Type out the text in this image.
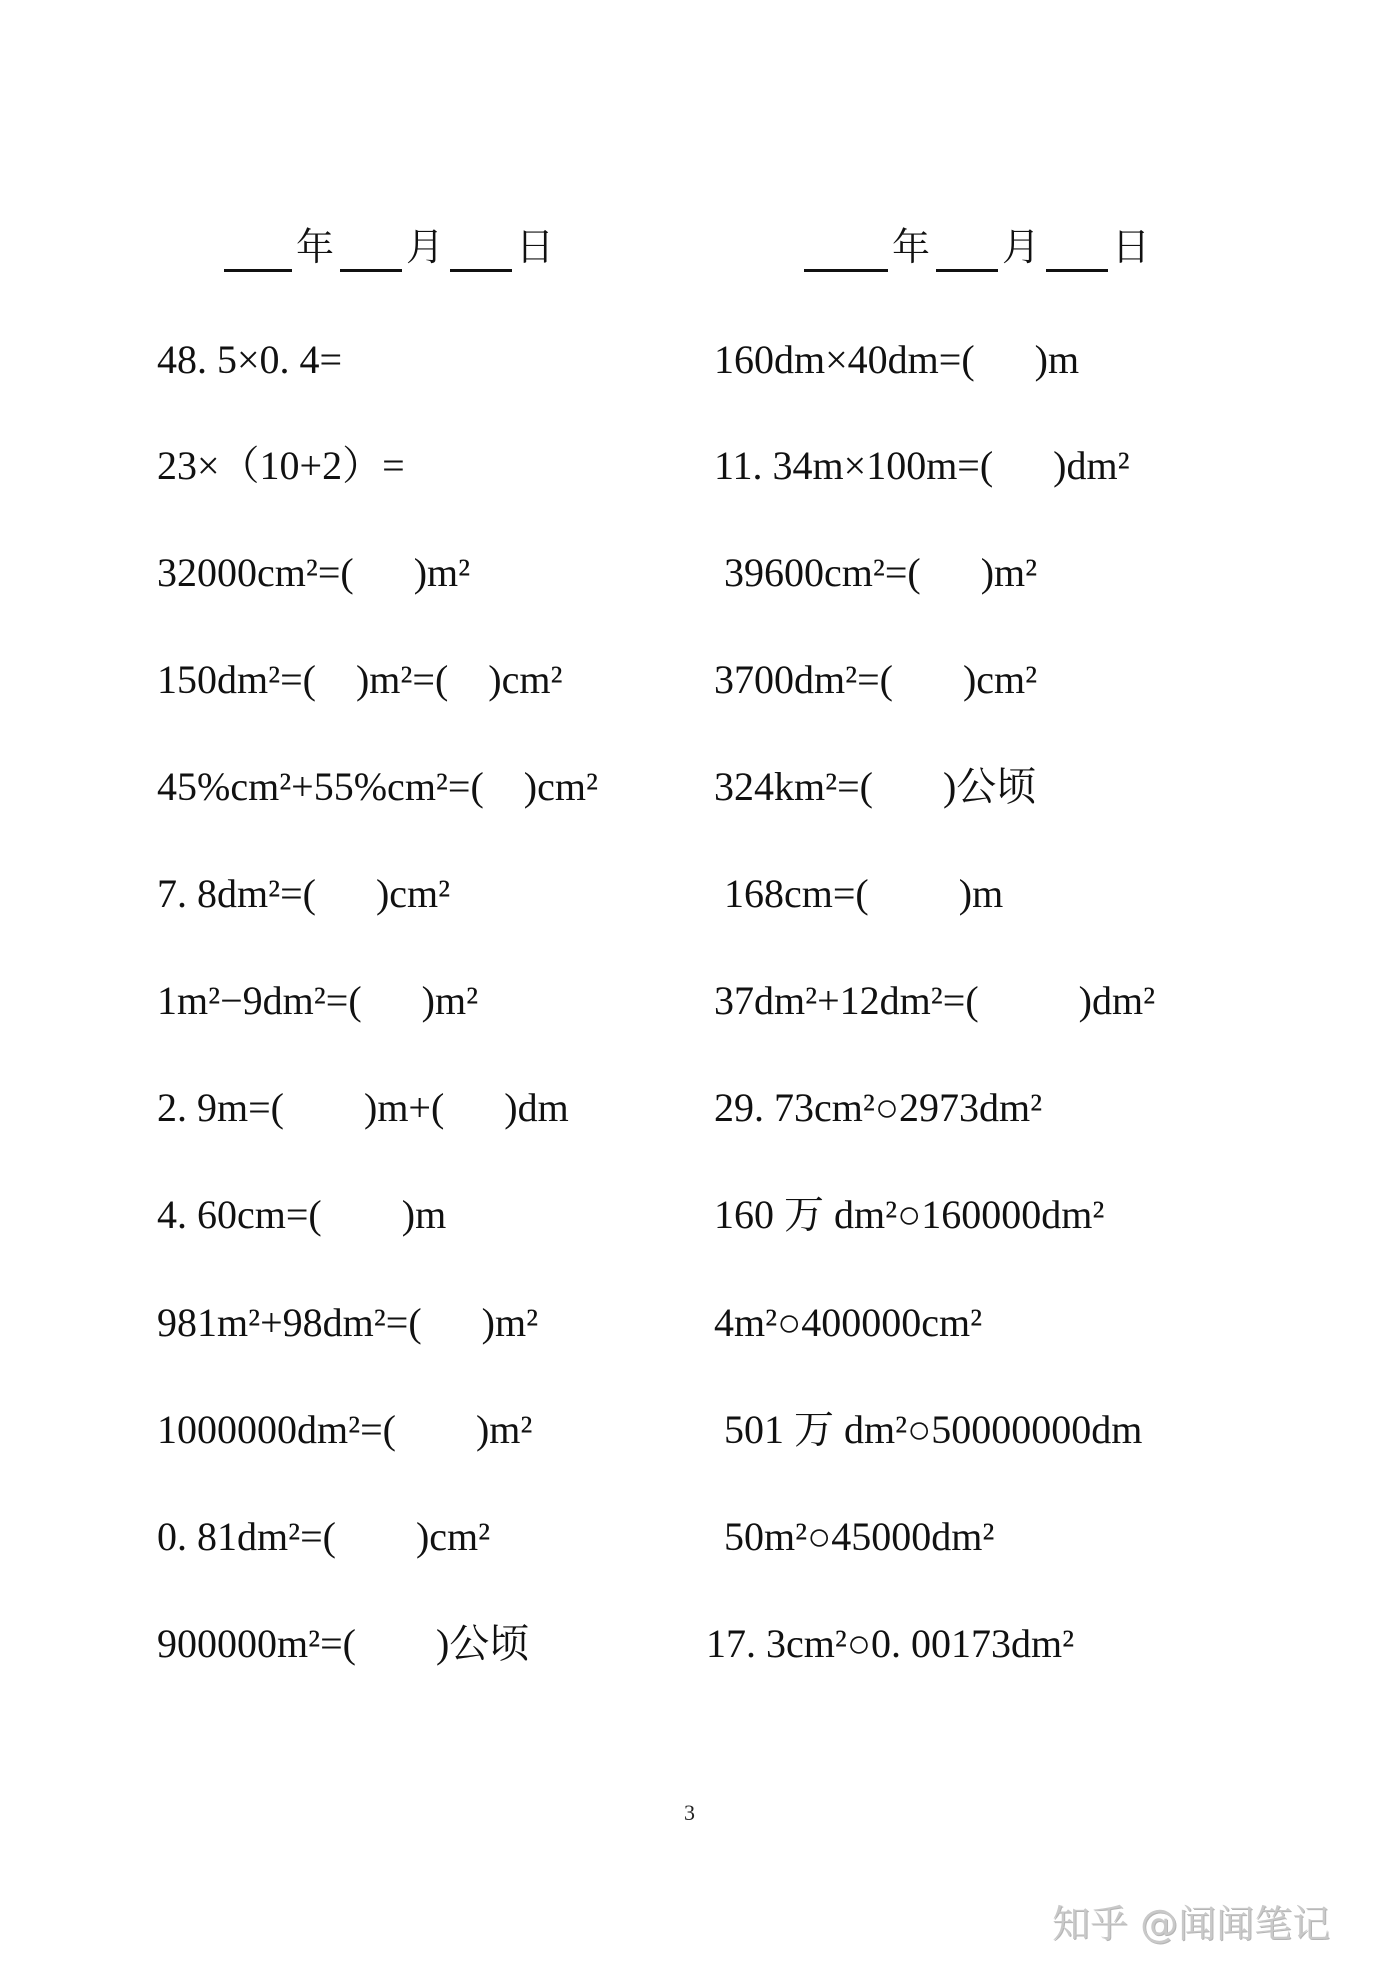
年 月 日	年 月 日
48. 5×0. 4=
23×（10+2）=
32000cm²=(      )m²
150dm²=(    )m²=(    )cm²
45%cm²+55%cm²=(    )cm²
7. 8dm²=(      )cm²
1m²−9dm²=(      )m²
2. 9m=(        )m+(      )dm
4. 60cm=(        )m
981m²+98dm²=(      )m²
1000000dm²=(        )m²
0. 81dm²=(        )cm²
900000m²=(        )公顷
160dm×40dm=(      )m
11. 34m×100m=(      )dm²
39600cm²=(      )m²
3700dm²=(       )cm²
324km²=(       )公顷
168cm=(         )m
37dm²+12dm²=(          )dm²
29. 73cm²○2973dm²
160 万 dm²○160000dm²
4m²○400000cm²
501 万 dm²○50000000dm
50m²○45000dm²
17. 3cm²○0. 00173dm²
3
知乎 @闻闻笔记
